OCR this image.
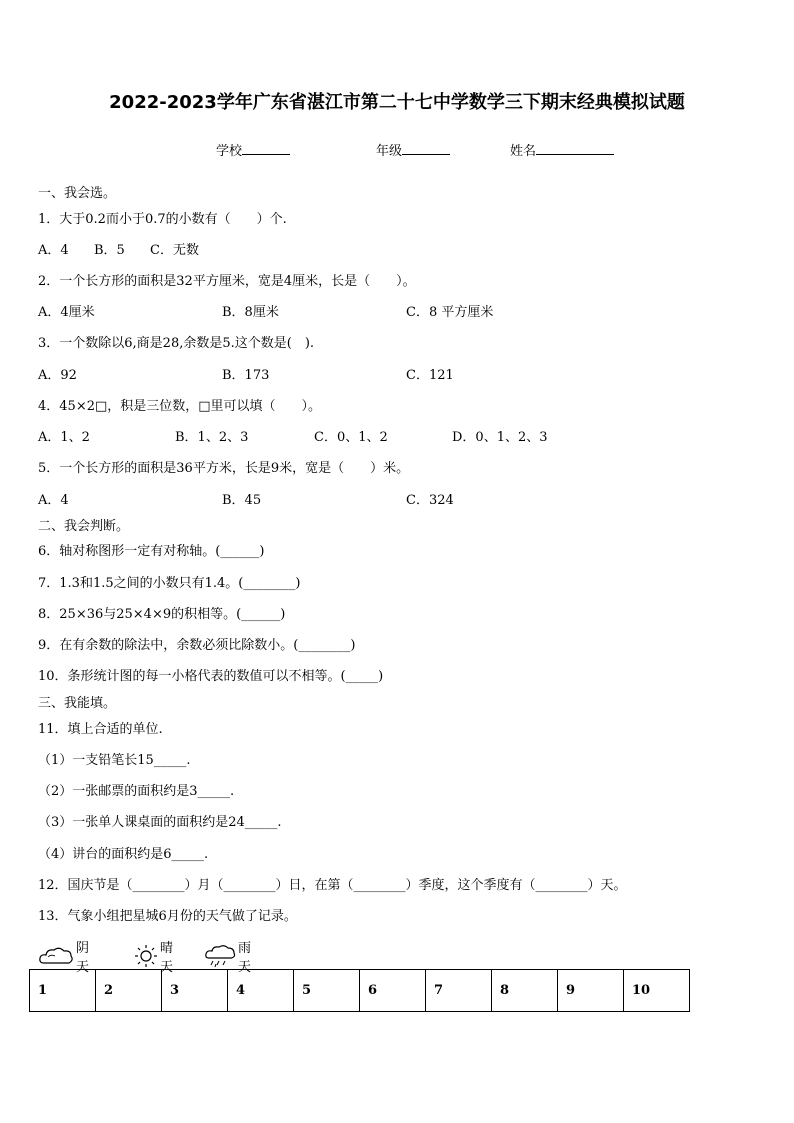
2022-2023学年广东省湛江市第二十七中学数学三下期末经典模拟试题
学校	年级	姓名
一、我会选。
1．大于0.2而小于0.7的小数有（　　）个.
A．4 B．5 C．无数
2．一个长方形的面积是32平方厘米，宽是4厘米，长是（　　）。
A．4厘米	B．8厘米	C．8 平方厘米
3．一个数除以6,商是28,余数是5.这个数是(　).
A．92	B．173	C．121
4．45×2□，积是三位数，□里可以填（　　）。
A．1、2	B．1、2、3	C．0、1、2	D．0、1、2、3
5．一个长方形的面积是36平方米，长是9米，宽是（　　）米。
A．4	B．45	C．324
二、我会判断。
6．轴对称图形一定有对称轴。(______)
7．1.3和1.5之间的小数只有1.4。(________)
8．25×36与25×4×9的积相等。(______)
9．在有余数的除法中，余数必须比除数小。(________)
10．条形统计图的每一小格代表的数值可以不相等。(_____)
三、我能填。
11．填上合适的单位.
（1）一支铅笔长15_____.
（2）一张邮票的面积约是3_____.
（3）一张单人课桌面的面积约是24_____.
（4）讲台的面积约是6_____.
12．国庆节是（________）月（________）日，在第（________）季度，这个季度有（________）天。
13．气象小组把星城6月份的天气做了记录。
阴天
晴天
雨天
1	2	3	4	5	6	7	8	9	10
